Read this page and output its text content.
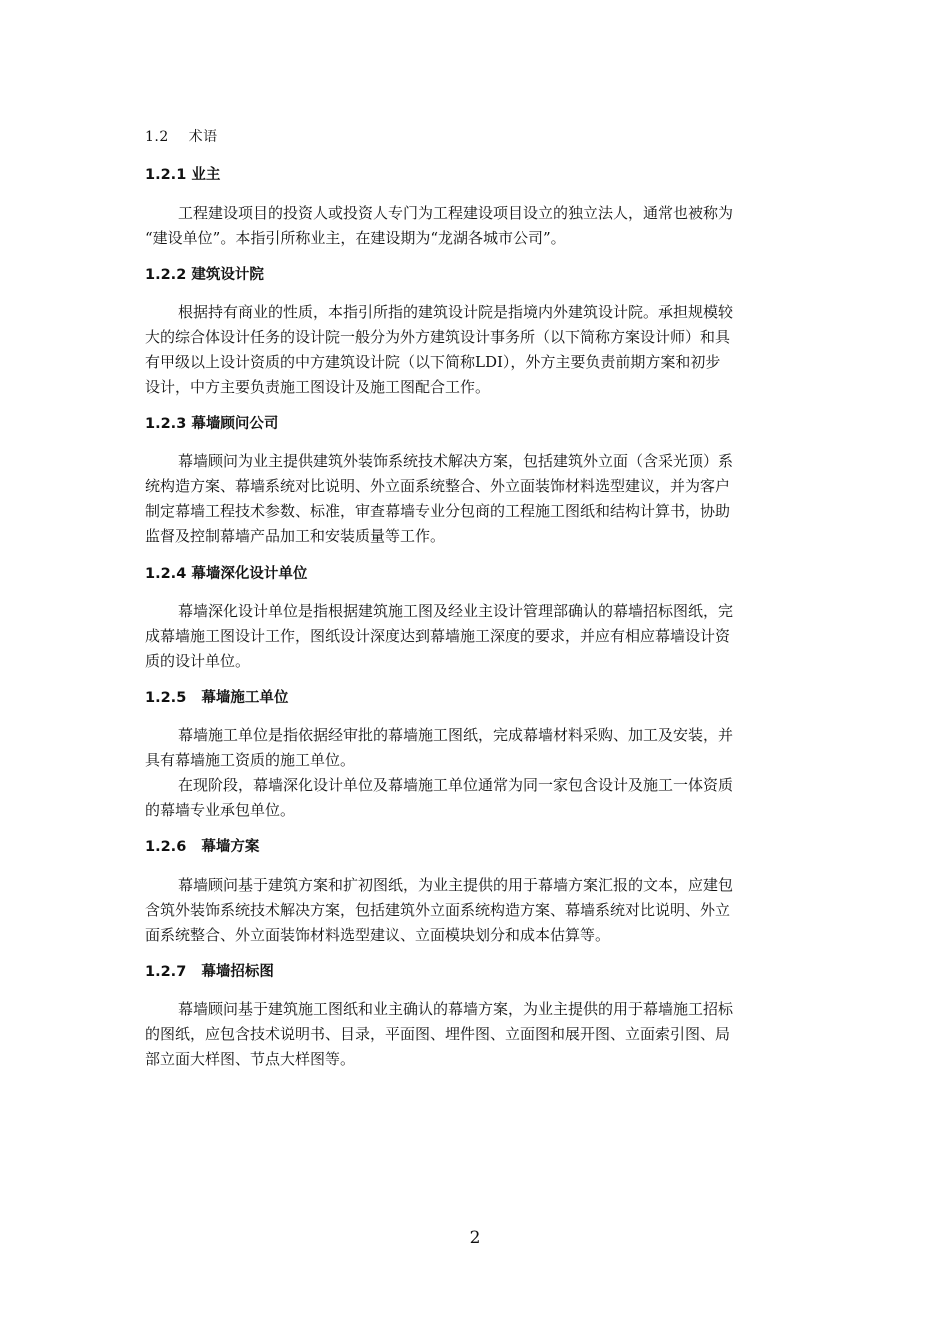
1.2 术语
1.2.1 业主
工程建设项目的投资人或投资人专门为工程建设项目设立的独立法人，通常也被称为
“建设单位”。本指引所称业主，在建设期为“龙湖各城市公司”。
1.2.2 建筑设计院
根据持有商业的性质，本指引所指的建筑设计院是指境内外建筑设计院。承担规模较
大的综合体设计任务的设计院一般分为外方建筑设计事务所（以下简称方案设计师）和具
有甲级以上设计资质的中方建筑设计院（以下简称LDI），外方主要负责前期方案和初步
设计，中方主要负责施工图设计及施工图配合工作。
1.2.3 幕墙顾问公司
幕墙顾问为业主提供建筑外装饰系统技术解决方案，包括建筑外立面（含采光顶）系
统构造方案、幕墙系统对比说明、外立面系统整合、外立面装饰材料选型建议，并为客户
制定幕墙工程技术参数、标准，审查幕墙专业分包商的工程施工图纸和结构计算书，协助
监督及控制幕墙产品加工和安装质量等工作。
1.2.4 幕墙深化设计单位
幕墙深化设计单位是指根据建筑施工图及经业主设计管理部确认的幕墙招标图纸，完
成幕墙施工图设计工作，图纸设计深度达到幕墙施工深度的要求，并应有相应幕墙设计资
质的设计单位。
1.2.5   幕墙施工单位
幕墙施工单位是指依据经审批的幕墙施工图纸，完成幕墙材料采购、加工及安装，并
具有幕墙施工资质的施工单位。
在现阶段，幕墙深化设计单位及幕墙施工单位通常为同一家包含设计及施工一体资质
的幕墙专业承包单位。
1.2.6   幕墙方案
幕墙顾问基于建筑方案和扩初图纸，为业主提供的用于幕墙方案汇报的文本，应建包
含筑外装饰系统技术解决方案，包括建筑外立面系统构造方案、幕墙系统对比说明、外立
面系统整合、外立面装饰材料选型建议、立面模块划分和成本估算等。
1.2.7   幕墙招标图
幕墙顾问基于建筑施工图纸和业主确认的幕墙方案，为业主提供的用于幕墙施工招标
的图纸，应包含技术说明书、目录，平面图、埋件图、立面图和展开图、立面索引图、局
部立面大样图、节点大样图等。
2
